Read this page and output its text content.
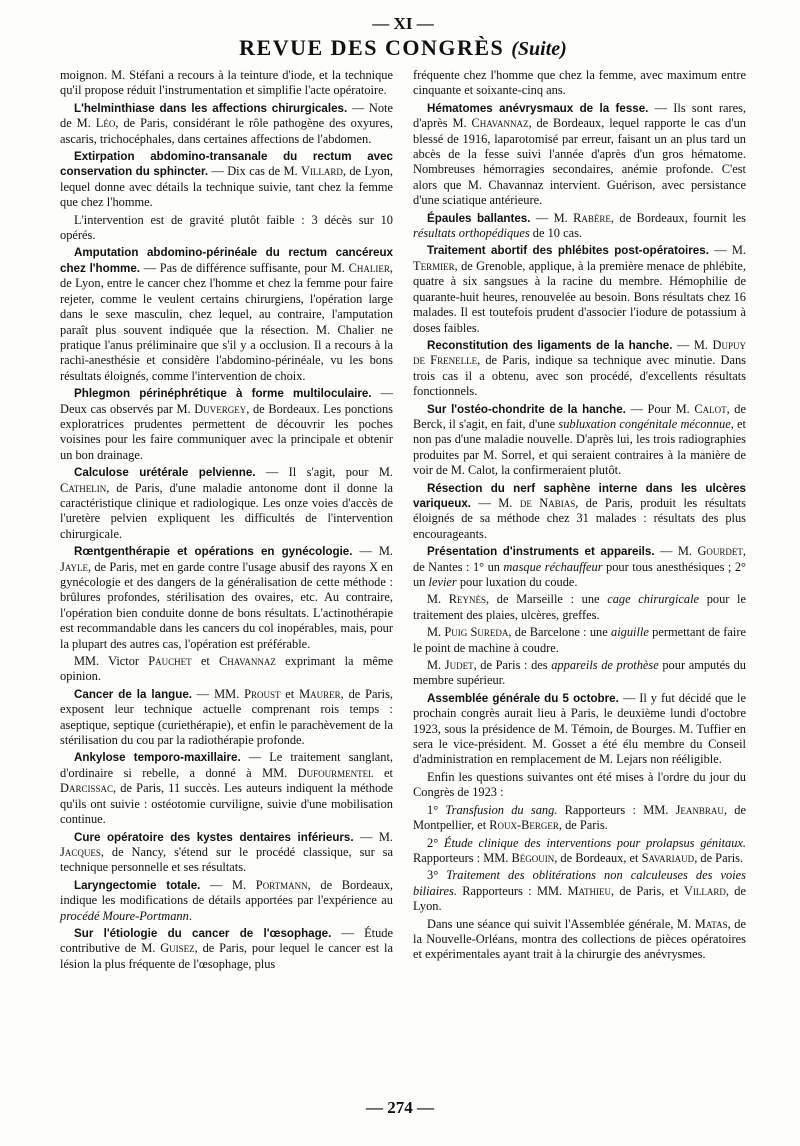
— XI —
REVUE DES CONGRÈS (Suite)

moignon. M. Stéfani a recours à la teinture d'iode, et la technique qu'il propose réduit l'instrumentation et simplifie l'acte opératoire.

L'helminthiase dans les affections chirurgicales. — Note de M. Léo, de Paris, considérant le rôle pathogène des oxyures, ascaris, trichocéphales, dans certaines affections de l'abdomen.

Extirpation abdomino-transanale du rectum avec conservation du sphincter. — Dix cas de M. Villard, de Lyon, lequel donne avec détails la technique suivie, tant chez la femme que chez l'homme.

L'intervention est de gravité plutôt faible : 3 décès sur 10 opérés.

Amputation abdomino-périnéale du rectum cancéreux chez l'homme. — Pas de différence suffisante, pour M. Chalier, de Lyon, entre le cancer chez l'homme et chez la femme pour faire rejeter, comme le veulent certains chirurgiens, l'opération large dans le sexe masculin, chez lequel, au contraire, l'amputation paraît plus souvent indiquée que la résection. M. Chalier ne pratique l'anus préliminaire que s'il y a occlusion. Il a recours à la rachi-anesthésie et considère l'abdomino-périnéale, vu les bons résultats éloignés, comme l'intervention de choix.

Phlegmon périnéphrétique à forme multiloculaire. — Deux cas observés par M. Duvergey, de Bordeaux. Les ponctions exploratrices prudentes permettent de découvrir les poches voisines pour les faire communiquer avec la principale et obtenir un bon drainage.

Calculose urétérale pelvienne. — Il s'agit, pour M. Cathelin, de Paris, d'une maladie antonome dont il donne la caractéristique clinique et radiologique. Les onze voies d'accès de l'uretère pelvien expliquent les difficultés de l'intervention chirurgicale.

Rœntgenthérapie et opérations en gynécologie. — M. Jayle, de Paris, met en garde contre l'usage abusif des rayons X en gynécologie et des dangers de la généralisation de cette méthode : brûlures profondes, stérilisation des ovaires, etc. Au contraire, l'opération bien conduite donne de bons résultats. L'actinothérapie est recommandable dans les cancers du col inopérables, mais, pour la plupart des autres cas, l'opération est préférable.

MM. Victor Pauchet et Chavannaz exprimant la même opinion.

Cancer de la langue. — MM. Proust et Maurer, de Paris, exposent leur technique actuelle comprenant rois temps : aseptique, septique (curiethérapie), et enfin le parachèvement de la stérilisation du cou par la radiothérapie profonde.

Ankylose temporo-maxillaire. — Le traitement sanglant, d'ordinaire si rebelle, a donné à MM. Dufourmentel et Darcissac, de Paris, 11 succès. Les auteurs indiquent la méthode qu'ils ont suivie : ostéotomie curviligne, suivie d'une mobilisation continue.

Cure opératoire des kystes dentaires inférieurs. — M. Jacques, de Nancy, s'étend sur le procédé classique, sur sa technique personnelle et ses résultats.

Laryngectomie totale. — M. Portmann, de Bordeaux, indique les modifications de détails apportées par l'expérience au procédé Moure-Portmann.

Sur l'étiologie du cancer de l'œsophage. — Étude contributive de M. Guisez, de Paris, pour lequel le cancer est la lésion la plus fréquente de l'œsophage, plus

fréquente chez l'homme que chez la femme, avec maximum entre cinquante et soixante-cinq ans.

Hématomes anévrysmaux de la fesse. — Ils sont rares, d'après M. Chavannaz, de Bordeaux, lequel rapporte le cas d'un blessé de 1916, laparotomisé par erreur, faisant un an plus tard un abcès de la fesse suivi l'année d'après d'un gros hématome. Nombreuses hémorragies secondaires, anémie profonde. C'est alors que M. Chavannaz intervient. Guérison, avec persistance d'une sciatique antérieure.

Épaules ballantes. — M. Rabère, de Bordeaux, fournit les résultats orthopédiques de 10 cas.

Traitement abortif des phlébites post-opératoires. — M. Termier, de Grenoble, applique, à la première menace de phlébite, quatre à six sangsues à la racine du membre. Hémophilie de quarante-huit heures, renouvelée au besoin. Bons résultats chez 16 malades. Il est toutefois prudent d'associer l'iodure de potassium à doses faibles.

Reconstitution des ligaments de la hanche. — M. Dupuy de Frenelle, de Paris, indique sa technique avec minutie. Dans trois cas il a obtenu, avec son procédé, d'excellents résultats fonctionnels.

Sur l'ostéo-chondrite de la hanche. — Pour M. Calot, de Berck, il s'agit, en fait, d'une subluxation congénitale méconnue, et non pas d'une maladie nouvelle. D'après lui, les trois radiographies produites par M. Sorrel, et qui seraient contraires à la manière de voir de M. Calot, la confirmeraient plutôt.

Résection du nerf saphène interne dans les ulcères variqueux. — M. de Nabias, de Paris, produit les résultats éloignés de sa méthode chez 31 malades : résultats des plus encourageants.

Présentation d'instruments et appareils. — M. Gourdet, de Nantes : 1° un masque réchauffeur pour tous anesthésiques ; 2° un levier pour luxation du coude.

M. Reynès, de Marseille : une cage chirurgicale pour le traitement des plaies, ulcères, greffes.

M. Puig Sureda, de Barcelone : une aiguille permettant de faire le point de machine à coudre.

M. Judet, de Paris : des appareils de prothèse pour amputés du membre supérieur.

Assemblée générale du 5 octobre. — Il y fut décidé que le prochain congrès aurait lieu à Paris, le deuxième lundi d'octobre 1923, sous la présidence de M. Témoin, de Bourges. M. Tuffier en sera le vice-président. M. Gosset a été élu membre du Conseil d'administration en remplacement de M. Lejars non rééligible.

Enfin les questions suivantes ont été mises à l'ordre du jour du Congrès de 1923 :

1° Transfusion du sang. Rapporteurs : MM. Jeanbrau, de Montpellier, et Roux-Berger, de Paris.

2° Étude clinique des interventions pour prolapsus génitaux. Rapporteurs : MM. Bégouin, de Bordeaux, et Savariaud, de Paris.

3° Traitement des oblitérations non calculeuses des voies biliaires. Rapporteurs : MM. Mathieu, de Paris, et Villard, de Lyon.

Dans une séance qui suivit l'Assemblée générale, M. Matas, de la Nouvelle-Orléans, montra des collections de pièces opératoires et expérimentales ayant trait à la chirurgie des anévrysmes.

— 274 —
